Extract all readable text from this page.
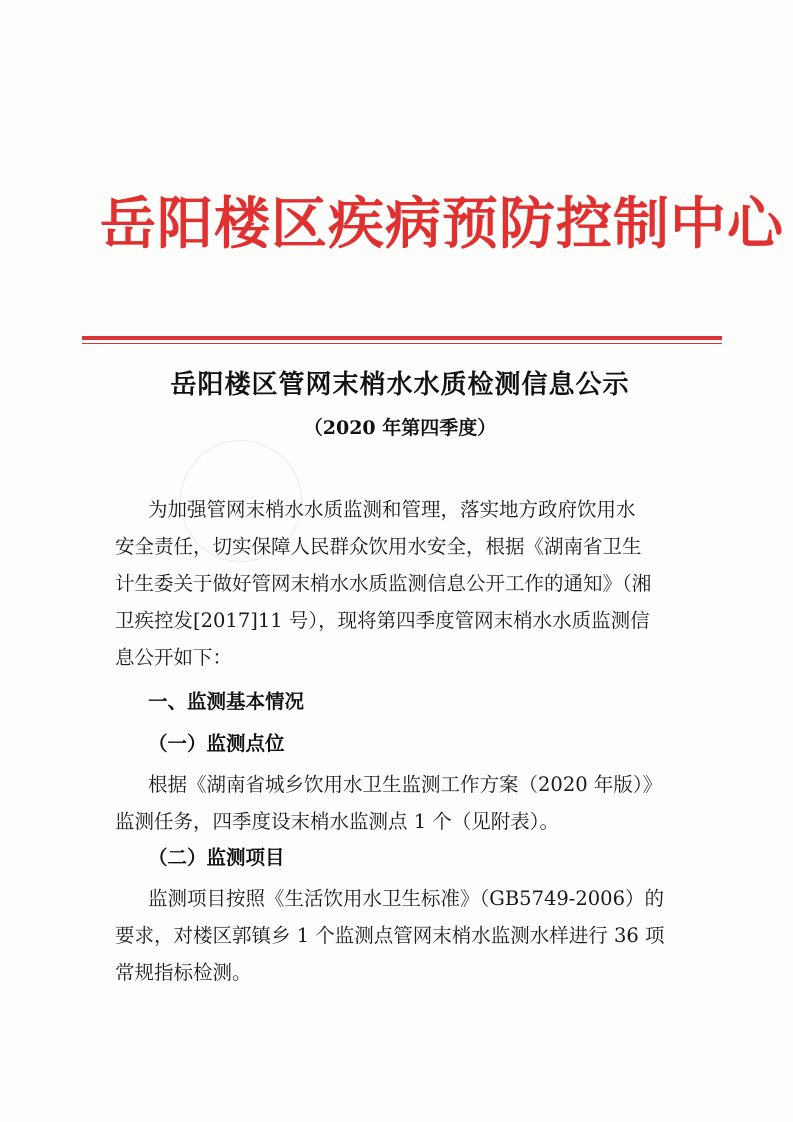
岳阳楼区疾病预防控制中心
岳阳楼区管网末梢水水质检测信息公示
（2020 年第四季度）
为加强管网末梢水水质监测和管理，落实地方政府饮用水
安全责任，切实保障人民群众饮用水安全，根据《湖南省卫生
计生委关于做好管网末梢水水质监测信息公开工作的通知》（湘
卫疾控发[2017]11 号），现将第四季度管网末梢水水质监测信
息公开如下：
一、监测基本情况
（一）监测点位
根据《湖南省城乡饮用水卫生监测工作方案（2020 年版）》
监测任务，四季度设末梢水监测点 1 个（见附表）。
（二）监测项目
监测项目按照《生活饮用水卫生标准》（GB5749-2006）的
要求，对楼区郭镇乡 1 个监测点管网末梢水监测水样进行 36 项
常规指标检测。
